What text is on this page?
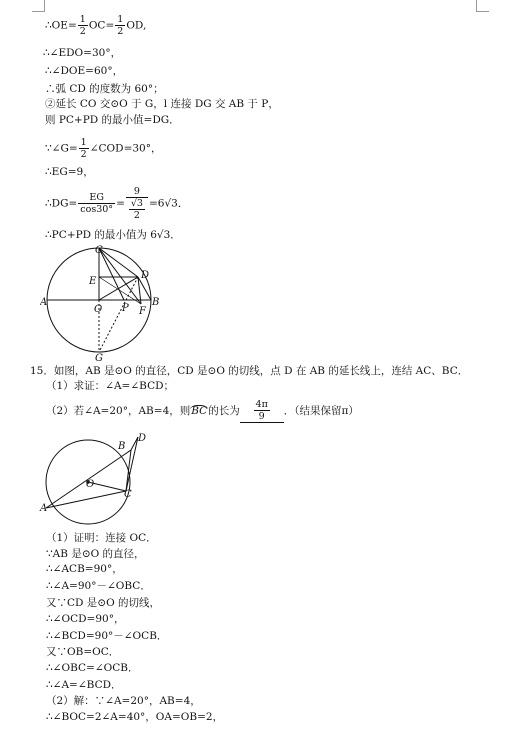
∴OE= $\frac{1}{2} OC= \frac{1}{2}$ OD,
∴∠EDO=30°，
∴∠DOE=60°，
∴弧 CD 的度数为 60°；
②延长 CO 交⊙O 于 G，l 连接 DG 交 AB 于 P，
则 PC+PD 的最小值=DG．
∵∠G= $\frac{1}{2}$ ∠COD=30°，
∴EG=9，
∴DG= $\frac{EG}{\cos 30^\circ} = \frac{9}{\frac{√3}{2}} =6√3$．
∴PC+PD 的最小值为 6√3．
C
D
E
A	B
O P F
G
15．如图，AB 是⊙O 的直径，CD 是⊙O 的切线，点 D 在 AB 的延长线上，连结 AC、BC．
（1）求证：∠A=∠BCD；
（2）若∠A=20°，AB=4，则BC的长为 $\frac{4\pi}{9}$ ．（结果保留π）
B
D
O
C
A
（1）证明：连接 OC．
∵AB 是⊙O 的直径，
∴∠ACB=90°，
∴∠A=90°－∠OBC．
又∵CD 是⊙O 的切线，
∴∠OCD=90°，
∴∠BCD=90°－∠OCB．
又∵OB=OC．
∴∠OBC=∠OCB．
∴∠A=∠BCD．
（2）解：∵∠A=20°，AB=4，
∴∠BOC=2∠A=40°，OA=OB=2，
